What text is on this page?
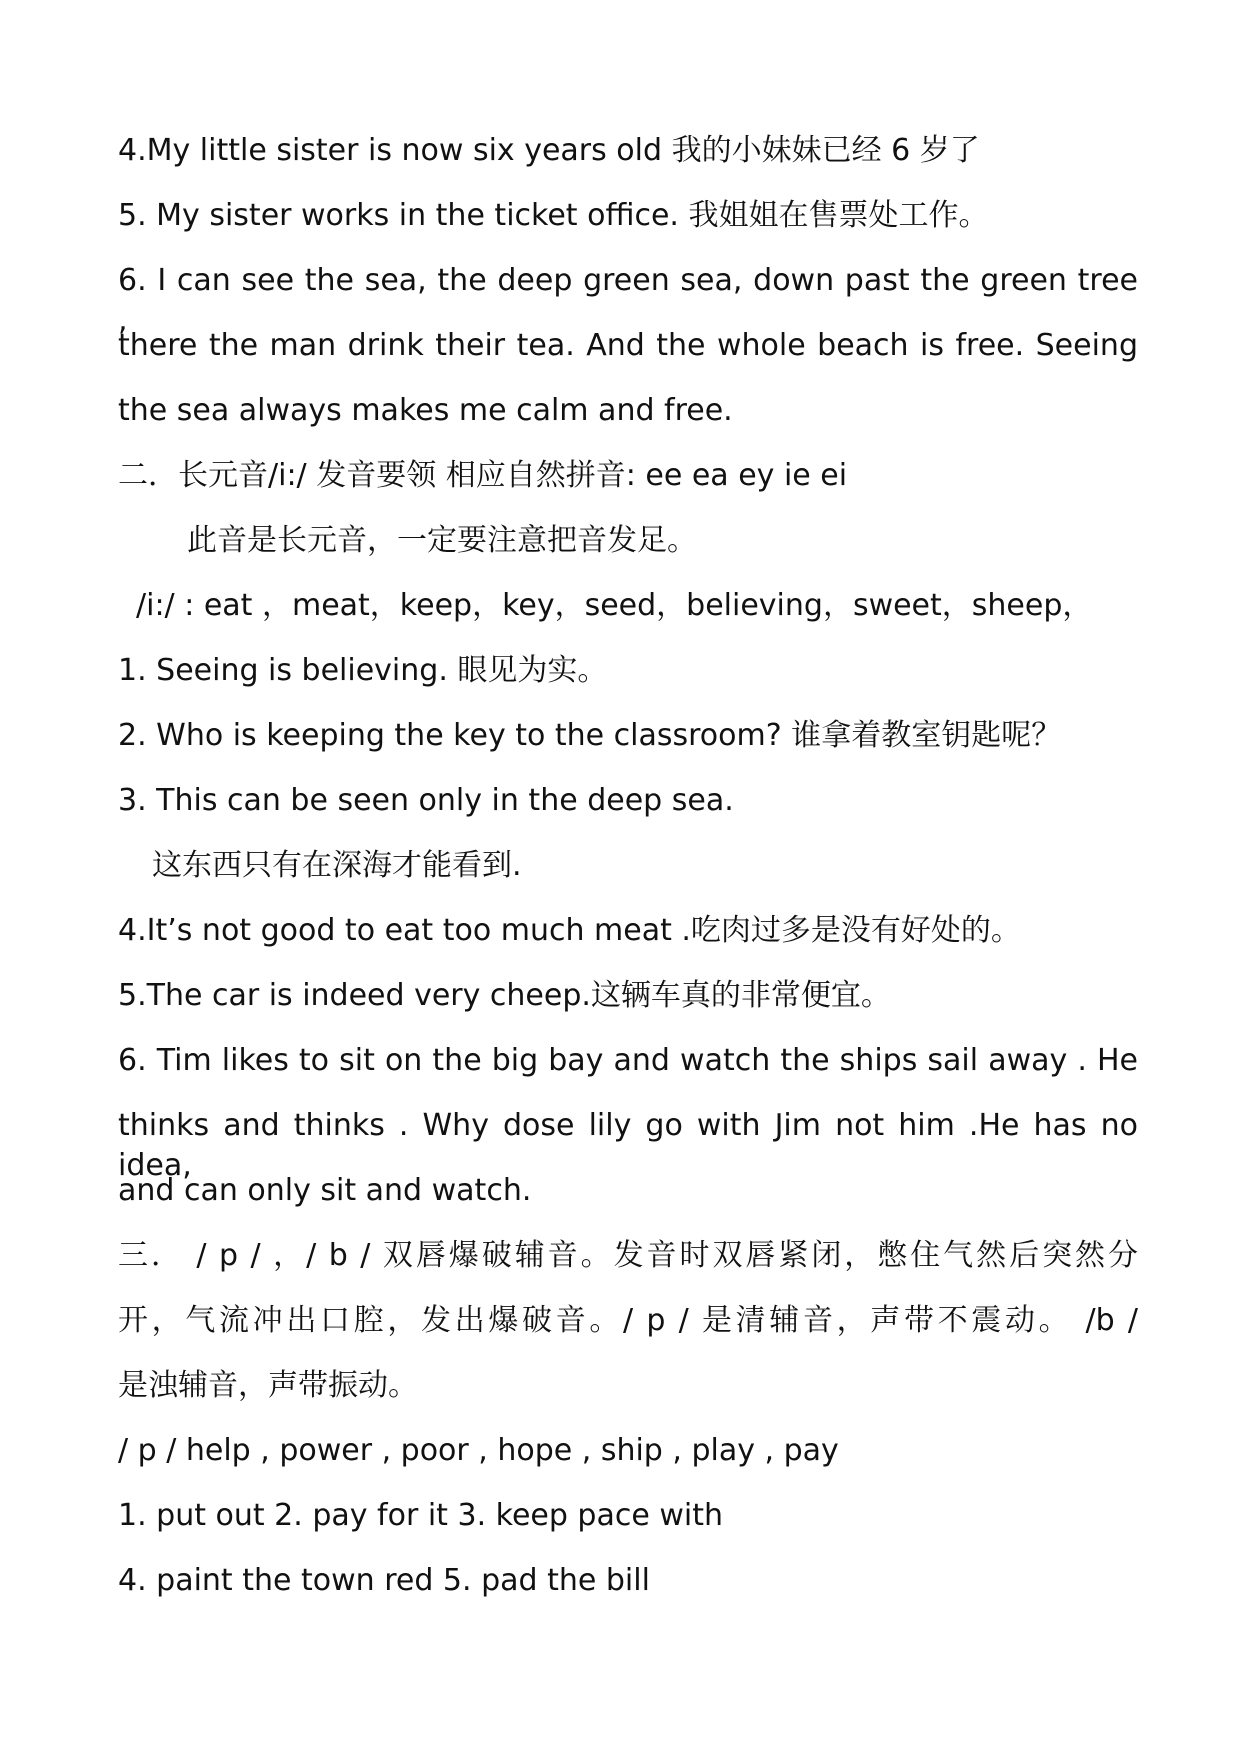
4.My little sister is now six years old 我的小妹妹已经 6 岁了
5. My sister works in the ticket office. 我姐姐在售票处工作。
6. I can see the sea, the deep green sea, down past the green tree ,
there the man drink their tea. And the whole beach is free. Seeing
the sea always makes me calm and free.
二．长元音/i:/ 发音要领 相应自然拼音: ee ea ey ie ei
此音是长元音，一定要注意把音发足。
/i:/ : eat ，meat，keep，key，seed，believing，sweet，sheep，
1. Seeing is believing. 眼见为实。
2. Who is keeping the key to the classroom? 谁拿着教室钥匙呢？
3. This can be seen only in the deep sea.
这东西只有在深海才能看到.
4.It’s not good to eat too much meat .吃肉过多是没有好处的。
5.The car is indeed very cheep.这辆车真的非常便宜。
6. Tim likes to sit on the big bay and watch the ships sail away . He
thinks and thinks . Why dose lily go with Jim not him .He has no idea,
and can only sit and watch.
三． / p / ，/ b / 双唇爆破辅音。发音时双唇紧闭，憋住气然后突然分
开，气流冲出口腔，发出爆破音。/ p / 是清辅音，声带不震动。 /b /
是浊辅音，声带振动。
/ p / help , power , poor , hope , ship , play , pay
1. put out 2. pay for it 3. keep pace with
4. paint the town red 5. pad the bill
